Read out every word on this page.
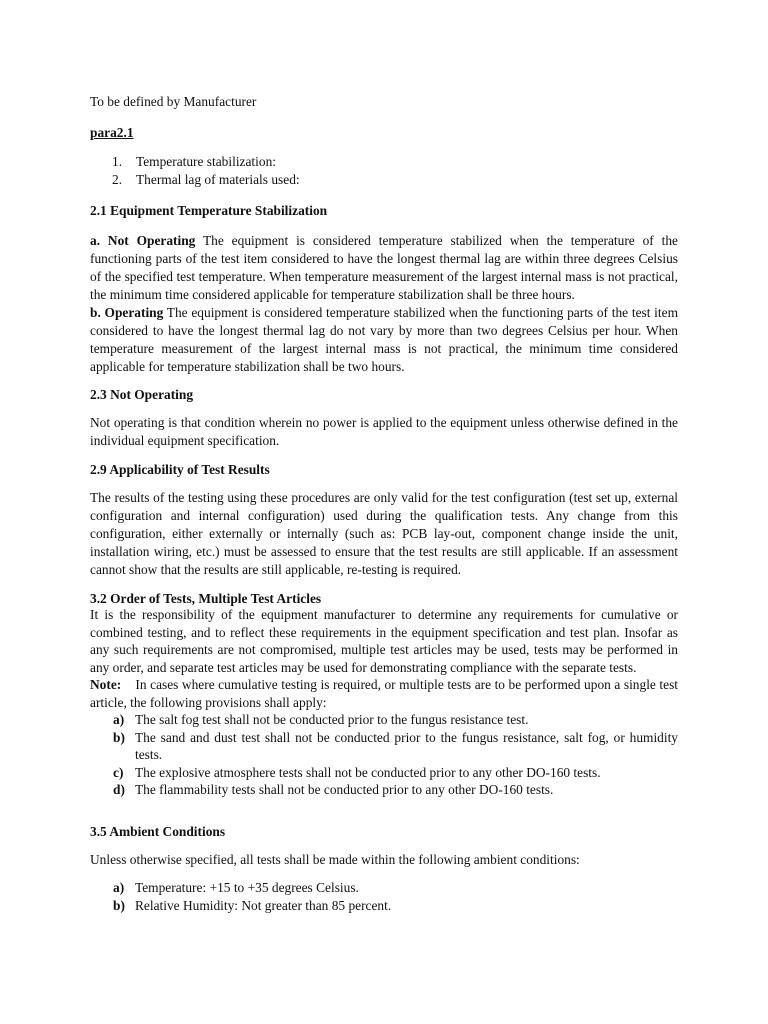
To be defined by Manufacturer

para2.1

1. Temperature stabilization:
2. Thermal lag of materials used:

2.1 Equipment Temperature Stabilization

a. Not Operating The equipment is considered temperature stabilized when the temperature of the functioning parts of the test item considered to have the longest thermal lag are within three degrees Celsius of the specified test temperature. When temperature measurement of the largest internal mass is not practical, the minimum time considered applicable for temperature stabilization shall be three hours.

b. Operating The equipment is considered temperature stabilized when the functioning parts of the test item considered to have the longest thermal lag do not vary by more than two degrees Celsius per hour. When temperature measurement of the largest internal mass is not practical, the minimum time considered applicable for temperature stabilization shall be two hours.

2.3 Not Operating

Not operating is that condition wherein no power is applied to the equipment unless otherwise defined in the individual equipment specification.

2.9 Applicability of Test Results

The results of the testing using these procedures are only valid for the test configuration (test set up, external configuration and internal configuration) used during the qualification tests. Any change from this configuration, either externally or internally (such as: PCB lay-out, component change inside the unit, installation wiring, etc.) must be assessed to ensure that the test results are still applicable. If an assessment cannot show that the results are still applicable, re-testing is required.

3.2 Order of Tests, Multiple Test Articles

It is the responsibility of the equipment manufacturer to determine any requirements for cumulative or combined testing, and to reflect these requirements in the equipment specification and test plan. Insofar as any such requirements are not compromised, multiple test articles may be used, tests may be performed in any order, and separate test articles may be used for demonstrating compliance with the separate tests.

Note:    In cases where cumulative testing is required, or multiple tests are to be performed upon a single test article, the following provisions shall apply:

a) The salt fog test shall not be conducted prior to the fungus resistance test.
b) The sand and dust test shall not be conducted prior to the fungus resistance, salt fog, or humidity tests.
c) The explosive atmosphere tests shall not be conducted prior to any other DO-160 tests.
d) The flammability tests shall not be conducted prior to any other DO-160 tests.

3.5 Ambient Conditions

Unless otherwise specified, all tests shall be made within the following ambient conditions:

a) Temperature: +15 to +35 degrees Celsius.
b) Relative Humidity: Not greater than 85 percent.
